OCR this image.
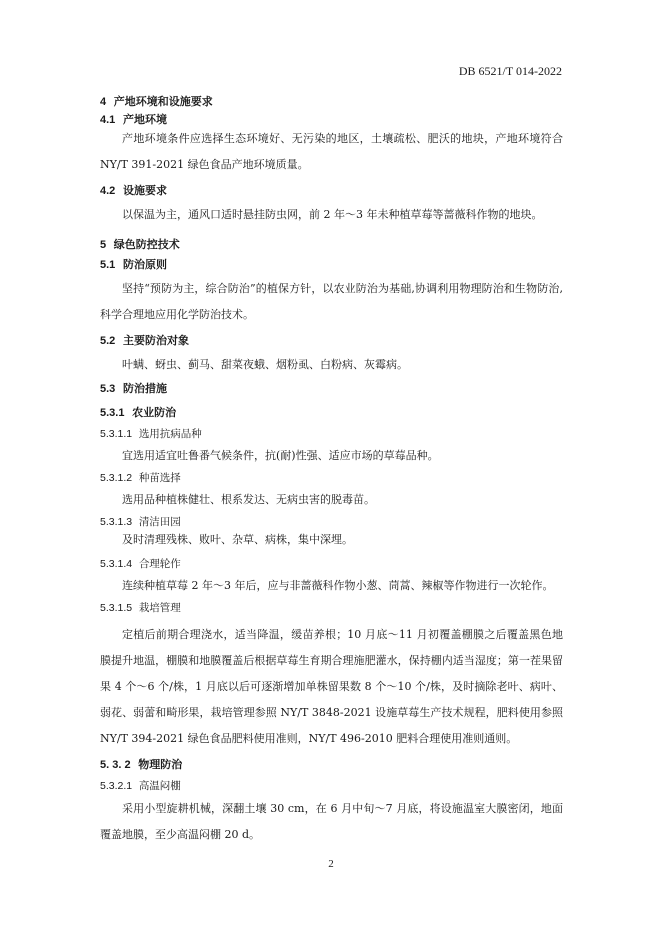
DB 6521/T 014-2022
4 产地环境和设施要求
4.1 产地环境
产地环境条件应选择生态环境好、无污染的地区，土壤疏松、肥沃的地块，产地环境符合 NY/T 391-2021 绿色食品产地环境质量。
4.2 设施要求
以保温为主，通风口适时悬挂防虫网，前 2 年～3 年未种植草莓等蔷薇科作物的地块。
5 绿色防控技术
5.1 防治原则
坚持“预防为主，综合防治”的植保方针，以农业防治为基础,协调利用物理防治和生物防治,科学合理地应用化学防治技术。
5.2 主要防治对象
叶螨、蚜虫、蓟马、甜菜夜蛾、烟粉虱、白粉病、灰霉病。
5.3 防治措施
5.3.1 农业防治
5.3.1.1 选用抗病品种
宜选用适宜吐鲁番气候条件，抗(耐)性强、适应市场的草莓品种。
5.3.1.2 种苗选择
选用品种植株健壮、根系发达、无病虫害的脱毒苗。
5.3.1.3 清洁田园
及时清理残株、败叶、杂草、病株，集中深埋。
5.3.1.4 合理轮作
连续种植草莓 2 年～3 年后，应与非蔷薇科作物小葱、茼蒿、辣椒等作物进行一次轮作。
5.3.1.5 栽培管理
定植后前期合理浇水，适当降温，缓苗养根；10 月底～11 月初覆盖棚膜之后覆盖黑色地膜提升地温，棚膜和地膜覆盖后根据草莓生育期合理施肥灌水，保持棚内适当湿度；第一茬果留果 4 个～6 个/株，1 月底以后可逐渐增加单株留果数 8 个～10 个/株，及时摘除老叶、病叶、弱花、弱蕾和畸形果，栽培管理参照 NY/T 3848-2021 设施草莓生产技术规程，肥料使用参照 NY/T 394-2021 绿色食品肥料使用准则，NY/T 496-2010 肥料合理使用准则通则。
5. 3. 2 物理防治
5.3.2.1 高温闷棚
采用小型旋耕机械，深翻土壤 30 cm，在 6 月中旬～7 月底，将设施温室大膜密闭，地面覆盖地膜，至少高温闷棚 20 d。
2
